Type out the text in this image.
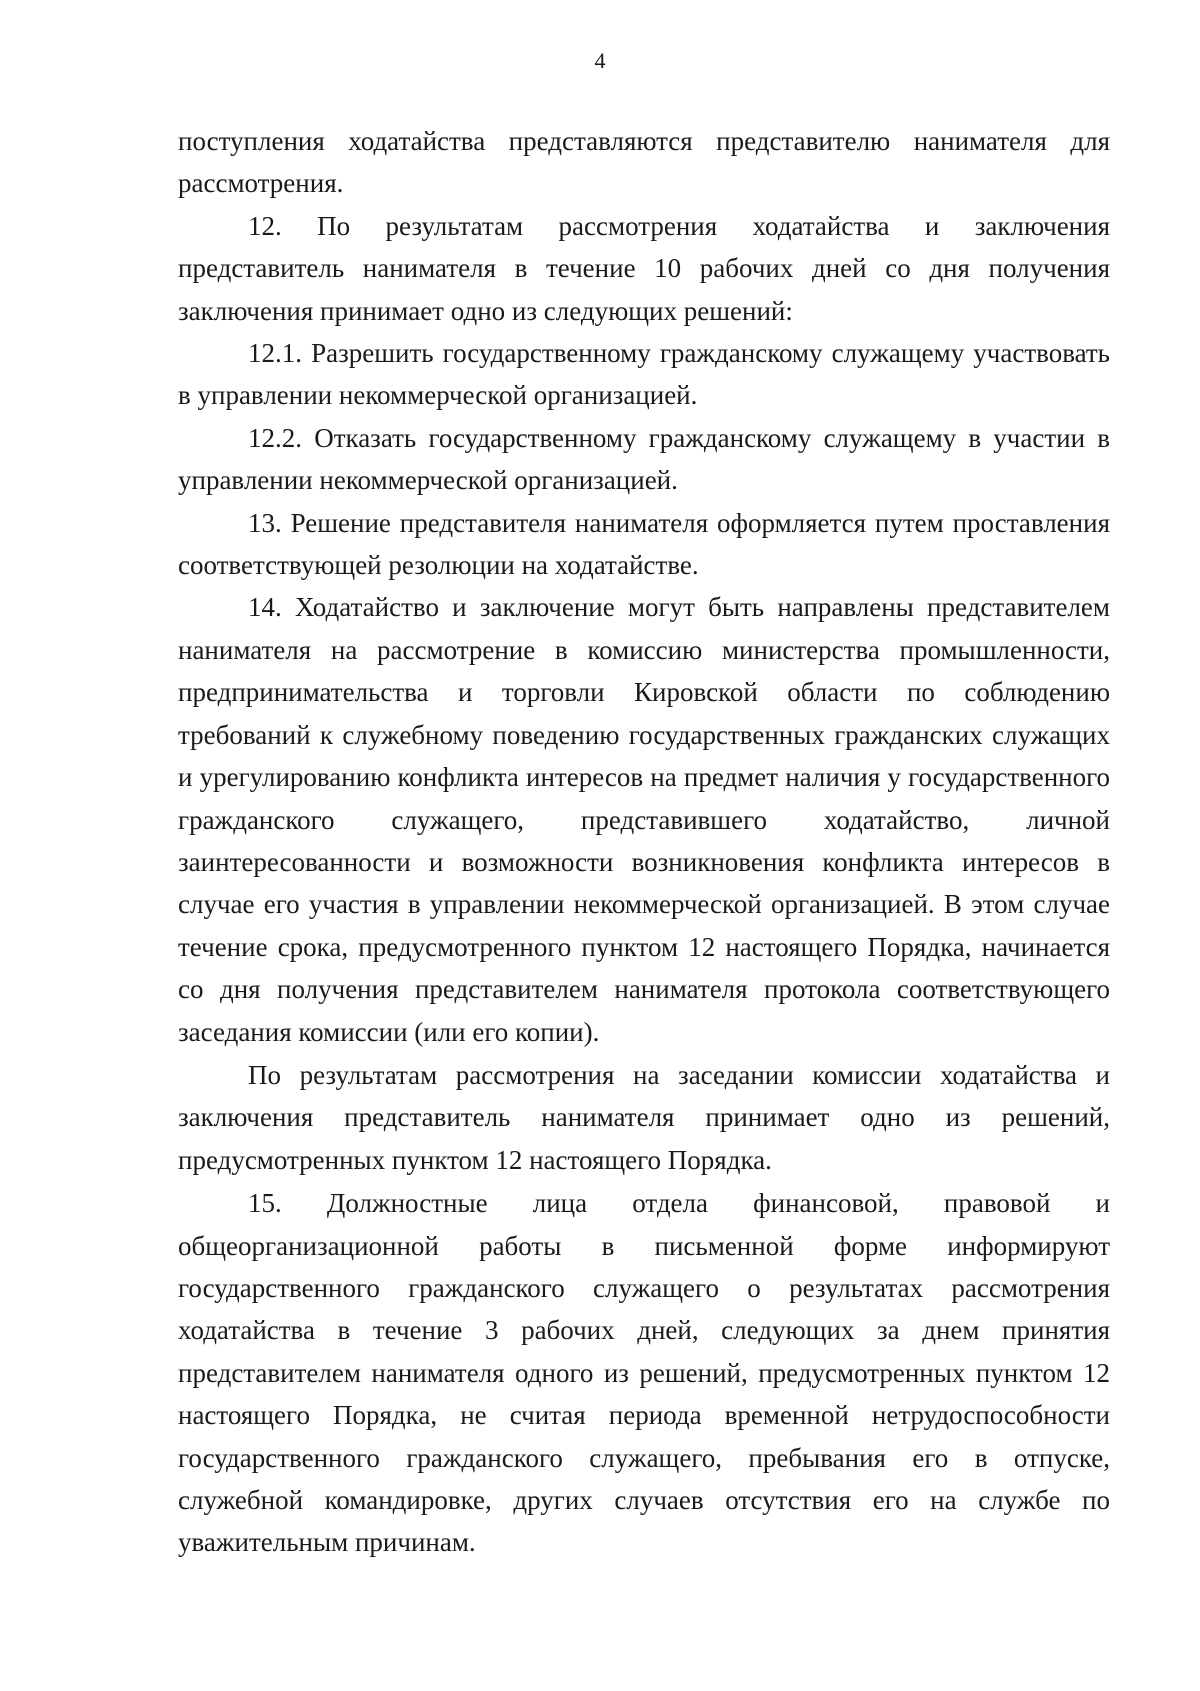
4

поступления ходатайства представляются представителю нанимателя для рассмотрения.

12. По результатам рассмотрения ходатайства и заключения представитель нанимателя в течение 10 рабочих дней со дня получения заключения принимает одно из следующих решений:

12.1. Разрешить государственному гражданскому служащему участвовать в управлении некоммерческой организацией.

12.2. Отказать государственному гражданскому служащему в участии в управлении некоммерческой организацией.

13. Решение представителя нанимателя оформляется путем проставления соответствующей резолюции на ходатайстве.

14. Ходатайство и заключение могут быть направлены представителем нанимателя на рассмотрение в комиссию министерства промышленности, предпринимательства и торговли Кировской области по соблюдению требований к служебному поведению государственных гражданских служащих и урегулированию конфликта интересов на предмет наличия у государственного гражданского служащего, представившего ходатайство, личной заинтересованности и возможности возникновения конфликта интересов в случае его участия в управлении некоммерческой организацией. В этом случае течение срока, предусмотренного пунктом 12 настоящего Порядка, начинается со дня получения представителем нанимателя протокола соответствующего заседания комиссии (или его копии).

По результатам рассмотрения на заседании комиссии ходатайства и заключения представитель нанимателя принимает одно из решений, предусмотренных пунктом 12 настоящего Порядка.

15. Должностные лица отдела финансовой, правовой и общеорганизационной работы в письменной форме информируют государственного гражданского служащего о результатах рассмотрения ходатайства в течение 3 рабочих дней, следующих за днем принятия представителем нанимателя одного из решений, предусмотренных пунктом 12 настоящего Порядка, не считая периода временной нетрудоспособности государственного гражданского служащего, пребывания его в отпуске, служебной командировке, других случаев отсутствия его на службе по уважительным причинам.
